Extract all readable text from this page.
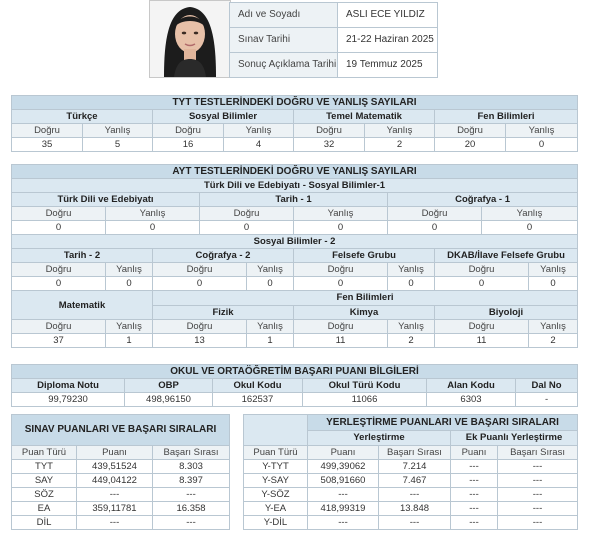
Adı ve Soyadı	ASLI ECE YILDIZ
Sınav Tarihi	21-22 Haziran 2025
Sonuç Açıklama Tarihi	19 Temmuz 2025
TYT TESTLERİNDEKİ DOĞRU VE YANLIŞ SAYILARI							
Türkçe		Sosyal Bilimler		Temel Matematik		Fen Bilimleri	
Doğru	Yanlış	Doğru	Yanlış	Doğru	Yanlış	Doğru	Yanlış
35	5	16	4	32	2	20	0
AYT TESTLERİNDEKİ DOĞRU VE YANLIŞ SAYILARI									
Türk Dili ve Edebiyatı - Sosyal Bilimler-1									
Türk Dili ve Edebiyatı			Tarih - 1			Coğrafya - 1			
Doğru	Yanlış		Doğru		Yanlış	Doğru		Yanlış	
0	0		0		0	0		0	
Sosyal Bilimler - 2									
Tarih - 2		Coğrafya - 2			Felsefe Grubu		DKAB/İlave Felsefe Grubu		
Doğru	Yanlış	Doğru		Yanlış	Doğru	Yanlış	Doğru		Yanlış
0	0	0		0	0	0	0		0
Matematik		Fen Bilimleri							
		Fizik			Kimya		Biyoloji		
Doğru	Yanlış	Doğru		Yanlış	Doğru	Yanlış	Doğru		Yanlış
37	1	13		1	11	2	11		2
OKUL VE ORTAÖĞRETİM BAŞARI PUANI BİLGİLERİ					
Diploma Notu	OBP	Okul Kodu	Okul Türü Kodu	Alan Kodu	Dal No
99,79230	498,96150	162537	11066	6303	-
SINAV PUANLARI VE BAŞARI SIRALARI		
Puan Türü	Puanı	Başarı Sırası
TYT	439,51524	8.303
SAY	449,04122	8.397
SÖZ	---	---
EA	359,11781	16.358
DİL	---	---
	YERLEŞTİRME PUANLARI VE BAŞARI SIRALARI			
	Yerleştirme		Ek Puanlı Yerleştirme	
Puan Türü	Puanı	Başarı Sırası	Puanı	Başarı Sırası
Y-TYT	499,39062	7.214	---	---
Y-SAY	508,91660	7.467	---	---
Y-SÖZ	---	---	---	---
Y-EA	418,99319	13.848	---	---
Y-DİL	---	---	---	---
